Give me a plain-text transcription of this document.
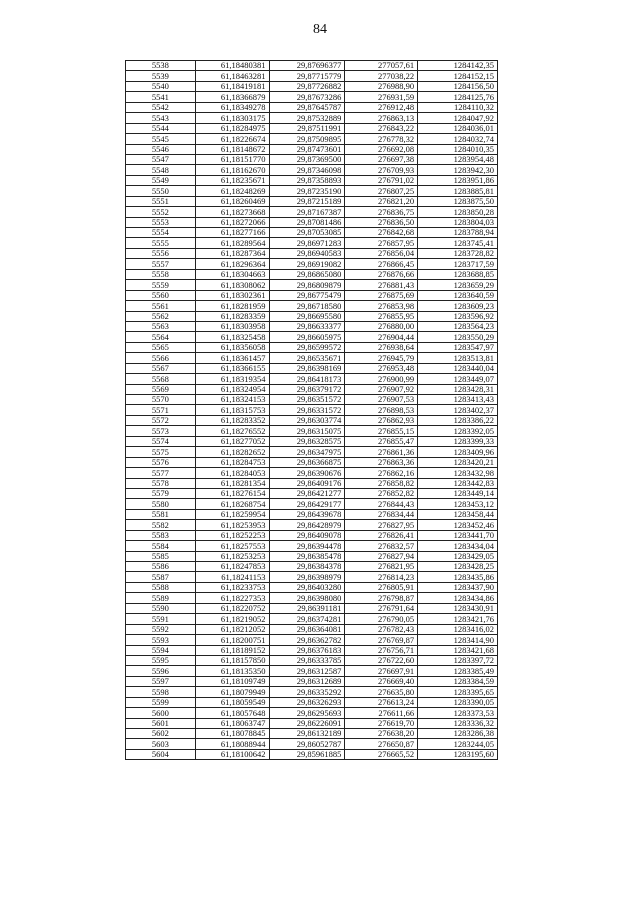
84
5538	61,18480381	29,87696377	277057,61	1284142,35
5539	61,18463281	29,87715779	277038,22	1284152,15
5540	61,18419181	29,87726882	276988,90	1284156,50
5541	61,18366879	29,87673286	276931,59	1284125,76
5542	61,18349278	29,87645787	276912,48	1284110,32
5543	61,18303175	29,87532889	276863,13	1284047,92
5544	61,18284975	29,87511991	276843,22	1284036,01
5545	61,18226674	29,87509895	276778,32	1284032,74
5546	61,18148672	29,87473601	276692,08	1284010,35
5547	61,18151770	29,87369500	276697,38	1283954,48
5548	61,18162670	29,87346098	276709,93	1283942,30
5549	61,18235671	29,87358893	276791,02	1283951,86
5550	61,18248269	29,87235190	276807,25	1283885,81
5551	61,18260469	29,87215189	276821,20	1283875,50
5552	61,18273668	29,87167387	276836,75	1283850,28
5553	61,18272066	29,87081486	276836,50	1283804,03
5554	61,18277166	29,87053085	276842,68	1283788,94
5555	61,18289564	29,86971283	276857,95	1283745,41
5556	61,18287364	29,86940583	276856,04	1283728,82
5557	61,18296364	29,86919082	276866,45	1283717,59
5558	61,18304663	29,86865080	276876,66	1283688,85
5559	61,18308062	29,86809879	276881,43	1283659,29
5560	61,18302361	29,86775479	276875,69	1283640,59
5561	61,18281959	29,86718580	276853,98	1283609,23
5562	61,18283359	29,86695580	276855,95	1283596,92
5563	61,18303958	29,86633377	276880,00	1283564,23
5564	61,18325458	29,86605975	276904,44	1283550,29
5565	61,18356058	29,86599572	276938,64	1283547,97
5566	61,18361457	29,86535671	276945,79	1283513,81
5567	61,18366155	29,86398169	276953,48	1283440,04
5568	61,18319354	29,86418173	276900,99	1283449,07
5569	61,18324954	29,86379172	276907,92	1283428,31
5570	61,18324153	29,86351572	276907,53	1283413,43
5571	61,18315753	29,86331572	276898,53	1283402,37
5572	61,18283352	29,86303774	276862,93	1283386,22
5573	61,18276552	29,86315075	276855,15	1283392,05
5574	61,18277052	29,86328575	276855,47	1283399,33
5575	61,18282652	29,86347975	276861,36	1283409,96
5576	61,18284753	29,86366875	276863,36	1283420,21
5577	61,18284053	29,86390676	276862,16	1283432,98
5578	61,18281354	29,86409176	276858,82	1283442,83
5579	61,18276154	29,86421277	276852,82	1283449,14
5580	61,18268754	29,86429177	276844,43	1283453,12
5581	61,18259954	29,86439678	276834,44	1283458,44
5582	61,18253953	29,86428979	276827,95	1283452,46
5583	61,18252253	29,86409078	276826,41	1283441,70
5584	61,18257553	29,86394478	276832,57	1283434,04
5585	61,18253253	29,86385478	276827,94	1283429,05
5586	61,18247853	29,86384378	276821,95	1283428,25
5587	61,18241153	29,86398979	276814,23	1283435,86
5588	61,18233753	29,86403280	276805,91	1283437,90
5589	61,18227353	29,86398080	276798,87	1283434,86
5590	61,18220752	29,86391181	276791,64	1283430,91
5591	61,18219052	29,86374281	276790,05	1283421,76
5592	61,18212052	29,86364081	276782,43	1283416,02
5593	61,18200751	29,86362782	276769,87	1283414,90
5594	61,18189152	29,86376183	276756,71	1283421,68
5595	61,18157850	29,86333785	276722,60	1283397,72
5596	61,18135350	29,86312587	276697,91	1283385,49
5597	61,18109749	29,86312689	276669,40	1283384,59
5598	61,18079949	29,86335292	276635,80	1283395,65
5599	61,18059549	29,86326293	276613,24	1283390,05
5600	61,18057648	29,86295693	276611,66	1283373,53
5601	61,18063747	29,86226091	276619,70	1283336,32
5602	61,18078845	29,86132189	276638,20	1283286,38
5603	61,18088944	29,86052787	276650,87	1283244,05
5604	61,18100642	29,85961885	276665,52	1283195,60
